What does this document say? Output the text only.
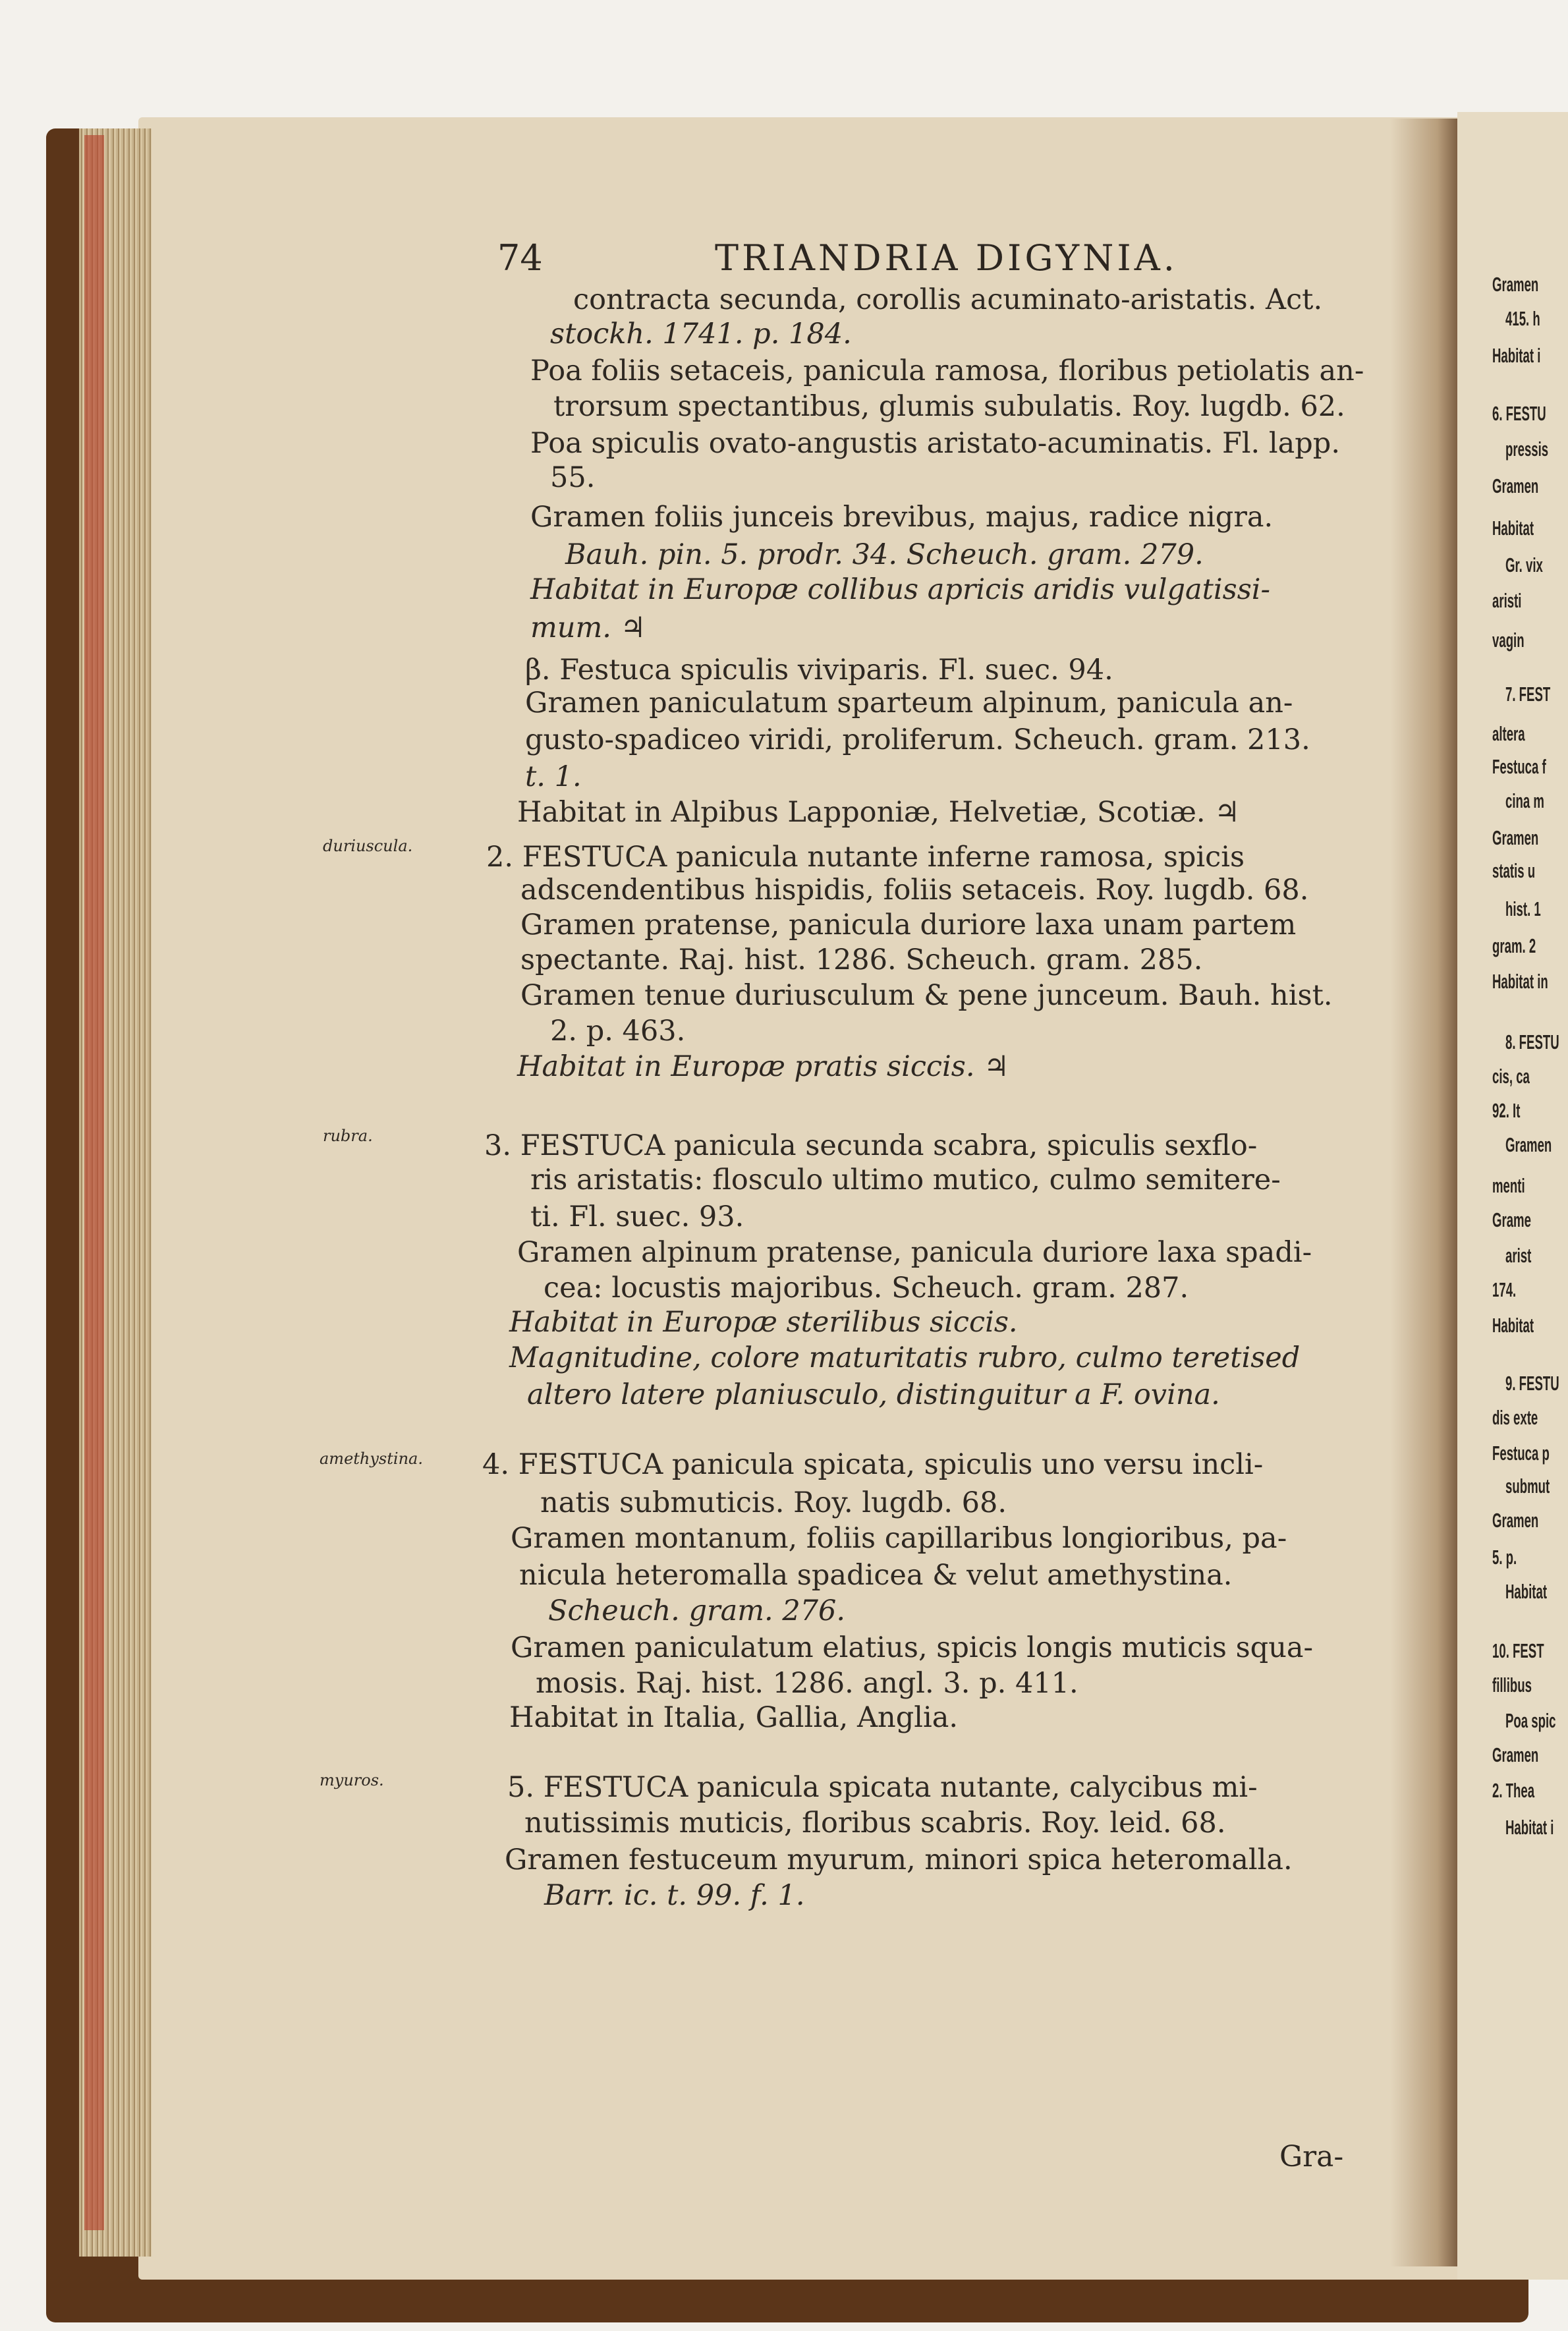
74	TRIANDRIA DIGYNIA.
contracta secunda, corollis acuminato-aristatis. Act.
stockh. 1741. p. 184.
Poa foliis setaceis, panicula ramosa, floribus petiolatis an-
trorsum spectantibus, glumis subulatis. Roy. lugdb. 62.
Poa spiculis ovato-angustis aristato-acuminatis. Fl. lapp.
55.
Gramen foliis junceis brevibus, majus, radice nigra.
Bauh. pin. 5. prodr. 34. Scheuch. gram. 279.
Habitat in Europæ collibus apricis aridis vulgatissi-
mum. ♃
β. Festuca spiculis viviparis. Fl. suec. 94.
Gramen paniculatum sparteum alpinum, panicula an-
gusto-spadiceo viridi, proliferum. Scheuch. gram. 213.
t. 1.
Habitat in Alpibus Lapponiæ, Helvetiæ, Scotiæ. ♃
duriuscula.	2. FESTUCA panicula nutante inferne ramosa, spicis
adscendentibus hispidis, foliis setaceis. Roy. lugdb. 68.
Gramen pratense, panicula duriore laxa unam partem
spectante. Raj. hist. 1286. Scheuch. gram. 285.
Gramen tenue duriusculum & pene junceum. Bauh. hist.
2. p. 463.
Habitat in Europæ pratis siccis. ♃
rubra.	3. FESTUCA panicula secunda scabra, spiculis sexflo-
ris aristatis: flosculo ultimo mutico, culmo semitere-
ti. Fl. suec. 93.
Gramen alpinum pratense, panicula duriore laxa spadi-
cea: locustis majoribus. Scheuch. gram. 287.
Habitat in Europæ sterilibus siccis.
Magnitudine, colore maturitatis rubro, culmo teretised
altero latere planiusculo, distinguitur a F. ovina.
amethystina. 4. FESTUCA panicula spicata, spiculis uno versu incli-
natis submuticis. Roy. lugdb. 68.
Gramen montanum, foliis capillaribus longioribus, pa-
nicula heteromalla spadicea & velut amethystina.
Scheuch. gram. 276.
Gramen paniculatum elatius, spicis longis muticis squa-
mosis. Raj. hist. 1286. angl. 3. p. 411.
Habitat in Italia, Gallia, Anglia.
myuros.	5. FESTUCA panicula spicata nutante, calycibus mi-
nutissimis muticis, floribus scabris. Roy. leid. 68.
Gramen festuceum myurum, minori spica heteromalla.
Barr. ic. t. 99. f. 1.
Gramen
415. h
Habitat i
6. FESTU
pressis
Gramen
Habitat
Gr. vix
aristi
vagin
7. FEST
altera
Festuca f
cina m
Gramen
statis u
hist. 1
gram. 2
Habitat in
8. FESTU
cis, ca
92. It
Gramen
menti
Grame
arist
174.
Habitat
9. FESTU
dis exte
Festuca p
submut
Gramen
5. p.
Habitat
10. FEST
fillibus
Poa spic
Gramen
2. Thea
Habitat i
Gra-
